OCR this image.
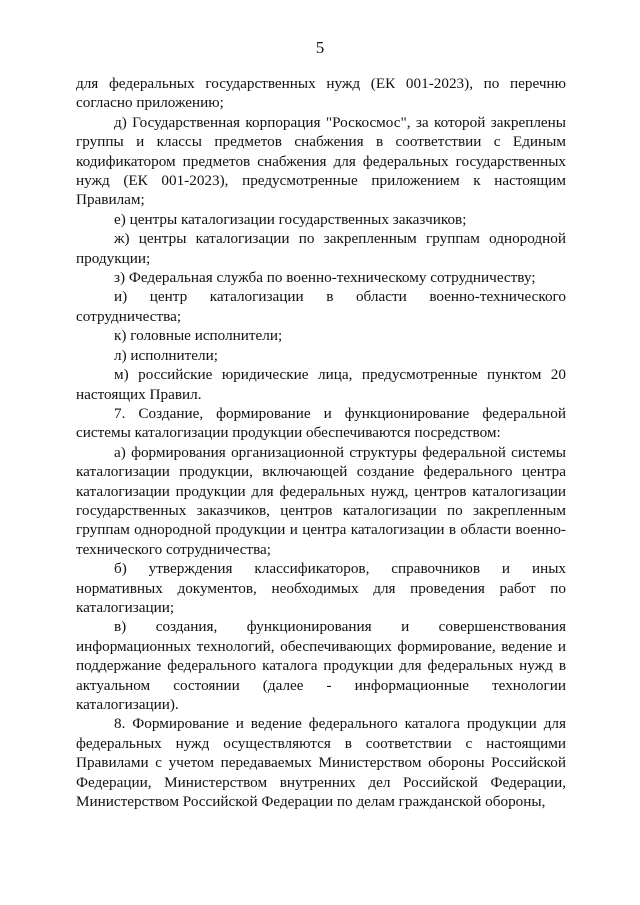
5

для федеральных государственных нужд (ЕК 001-2023), по перечню согласно приложению;

д) Государственная корпорация "Роскосмос", за которой закреплены группы и классы предметов снабжения в соответствии с Единым кодификатором предметов снабжения для федеральных государственных нужд (ЕК 001-2023), предусмотренные приложением к настоящим Правилам;

е) центры каталогизации государственных заказчиков;

ж) центры каталогизации по закрепленным группам однородной продукции;

з) Федеральная служба по военно-техническому сотрудничеству;

и) центр каталогизации в области военно-технического сотрудничества;

к) головные исполнители;

л) исполнители;

м) российские юридические лица, предусмотренные пунктом 20 настоящих Правил.

7. Создание, формирование и функционирование федеральной системы каталогизации продукции обеспечиваются посредством:

а) формирования организационной структуры федеральной системы каталогизации продукции, включающей создание федерального центра каталогизации продукции для федеральных нужд, центров каталогизации государственных заказчиков, центров каталогизации по закрепленным группам однородной продукции и центра каталогизации в области военно-технического сотрудничества;

б) утверждения классификаторов, справочников и иных нормативных документов, необходимых для проведения работ по каталогизации;

в) создания, функционирования и совершенствования информационных технологий, обеспечивающих формирование, ведение и поддержание федерального каталога продукции для федеральных нужд в актуальном состоянии (далее - информационные технологии каталогизации).

8. Формирование и ведение федерального каталога продукции для федеральных нужд осуществляются в соответствии с настоящими Правилами с учетом передаваемых Министерством обороны Российской Федерации, Министерством внутренних дел Российской Федерации, Министерством Российской Федерации по делам гражданской обороны,
